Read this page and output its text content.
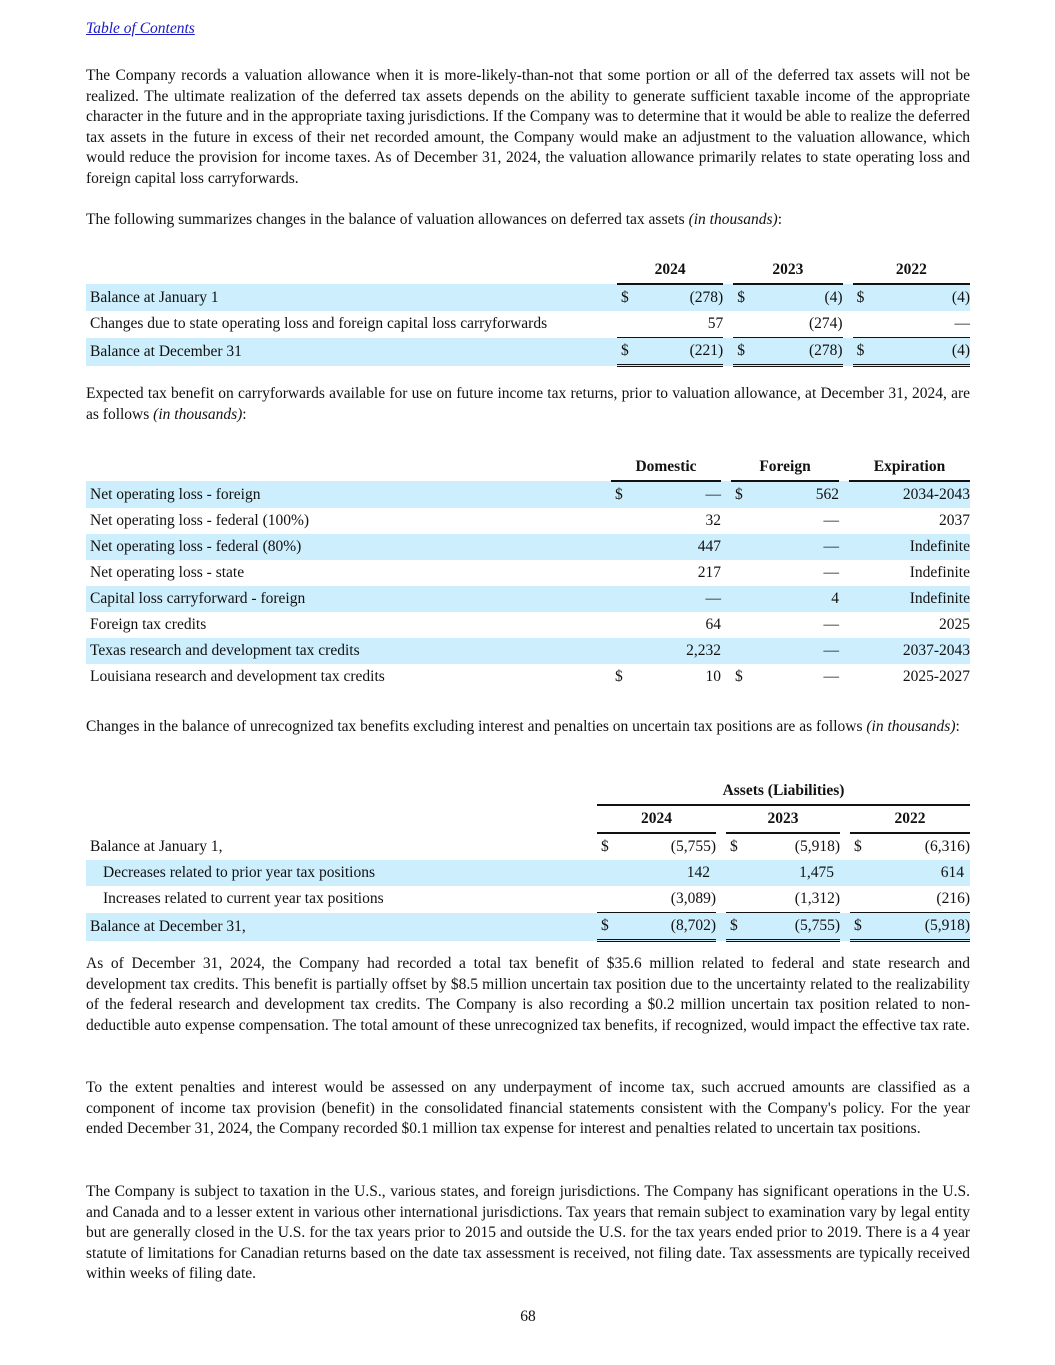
Table of Contents

The Company records a valuation allowance when it is more-likely-than-not that some portion or all of the deferred tax assets will not be realized. The ultimate realization of the deferred tax assets depends on the ability to generate sufficient taxable income of the appropriate character in the future and in the appropriate taxing jurisdictions. If the Company was to determine that it would be able to realize the deferred tax assets in the future in excess of their net recorded amount, the Company would make an adjustment to the valuation allowance, which would reduce the provision for income taxes. As of December 31, 2024, the valuation allowance primarily relates to state operating loss and foreign capital loss carryforwards.

The following summarizes changes in the balance of valuation allowances on deferred tax assets (in thousands):

		2024			2023			2022	
Balance at January 1		$	(278)		$	(4)		$	(4)
Changes due to state operating loss and foreign capital loss carryforwards			57			(274)			—
Balance at December 31		$	(221)		$	(278)		$	(4)

Expected tax benefit on carryforwards available for use on future income tax returns, prior to valuation allowance, at December 31, 2024, are as follows (in thousands):

		Domestic			Foreign			Expiration
Net operating loss - foreign		$	—		$	562		2034-2043
Net operating loss - federal (100%)			32			—		2037
Net operating loss - federal (80%)			447			—		Indefinite
Net operating loss - state			217			—		Indefinite
Capital loss carryforward - foreign			—			4		Indefinite
Foreign tax credits			64			—		2025
Texas research and development tax credits			2,232			—		2037-2043
Louisiana research and development tax credits		$	10		$	—		2025-2027

Changes in the balance of unrecognized tax benefits excluding interest and penalties on uncertain tax positions are as follows (in thousands):

		Assets (Liabilities)							
		2024			2023			2022	
Balance at January 1,		$	(5,755)		$	(5,918)		$	(6,316)
Decreases related to prior year tax positions			142			1,475			614
Increases related to current year tax positions			(3,089)			(1,312)			(216)
Balance at December 31,		$	(8,702)		$	(5,755)		$	(5,918)

As of December 31, 2024, the Company had recorded a total tax benefit of $35.6 million related to federal and state research and development tax credits. This benefit is partially offset by $8.5 million uncertain tax position due to the uncertainty related to the realizability of the federal research and development tax credits. The Company is also recording a $0.2 million uncertain tax position related to non-deductible auto expense compensation. The total amount of these unrecognized tax benefits, if recognized, would impact the effective tax rate.

To the extent penalties and interest would be assessed on any underpayment of income tax, such accrued amounts are classified as a component of income tax provision (benefit) in the consolidated financial statements consistent with the Company's policy. For the year ended December 31, 2024, the Company recorded $0.1 million tax expense for interest and penalties related to uncertain tax positions.

The Company is subject to taxation in the U.S., various states, and foreign jurisdictions. The Company has significant operations in the U.S. and Canada and to a lesser extent in various other international jurisdictions. Tax years that remain subject to examination vary by legal entity but are generally closed in the U.S. for the tax years prior to 2015 and outside the U.S. for the tax years ended prior to 2019. There is a 4 year statute of limitations for Canadian returns based on the date tax assessment is received, not filing date. Tax assessments are typically received within weeks of filing date.

68
